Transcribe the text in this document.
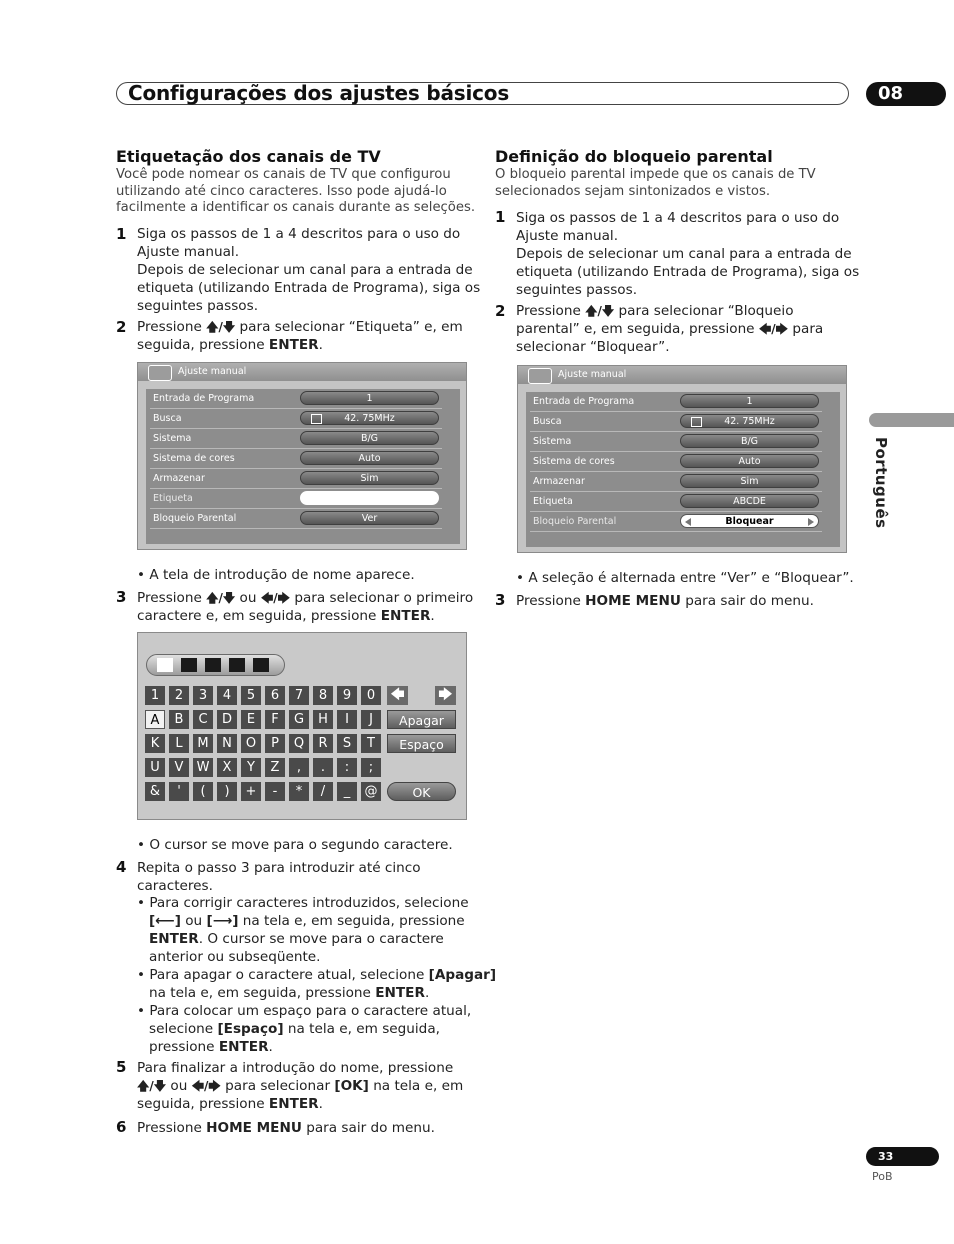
Configurações dos ajustes básicos	08
Português
Etiquetação dos canais de TV
Você pode nomear os canais de TV que configurou
utilizando até cinco caracteres. Isso pode ajudá-lo
facilmente a identificar os canais durante as seleções.
1 Siga os passos de 1 a 4 descritos para o uso do
Ajuste manual.
Depois de selecionar um canal para a entrada de
etiqueta (utilizando Entrada de Programa), siga os
seguintes passos.
2 Pressione 🡅/🡇 para selecionar “Etiqueta” e, em
seguida, pressione ENTER.
Ajuste manual
Entrada de Programa	1
Busca	42. 75MHz
Sistema	B/G
Sistema de cores	Auto
Armazenar	Sim
Etiqueta
Bloqueio Parental	Ver
• A tela de introdução de nome aparece.
3 Pressione 🡅/🡇 ou 🡄/🡆 para selecionar o primeiro
caractere e, em seguida, pressione ENTER.
1	2	3	4	5	6	7	8	9	0
A	B	C	D	E	F	G	H	I	J
K	L	M	N	O	P	Q	R	S	T
U	V	W	X	Y	Z	,	.	:	;
&	'	(	)	+	-	*	/	_	@
🡄 🡆
Apagar
Espaço
OK
• O cursor se move para o segundo caractere.
4 Repita o passo 3 para introduzir até cinco
caracteres.
• Para corrigir caracteres introduzidos, selecione
[⟵] ou [⟶] na tela e, em seguida, pressione
ENTER. O cursor se move para o caractere
anterior ou subseqüente.
• Para apagar o caractere atual, selecione [Apagar]
na tela e, em seguida, pressione ENTER.
• Para colocar um espaço para o caractere atual,
selecione [Espaço] na tela e, em seguida,
pressione ENTER.
5 Para finalizar a introdução do nome, pressione
🡅/🡇 ou 🡄/🡆 para selecionar [OK] na tela e, em
seguida, pressione ENTER.
6 Pressione HOME MENU para sair do menu.
Definição do bloqueio parental
O bloqueio parental impede que os canais de TV
selecionados sejam sintonizados e vistos.
1 Siga os passos de 1 a 4 descritos para o uso do
Ajuste manual.
Depois de selecionar um canal para a entrada de
etiqueta (utilizando Entrada de Programa), siga os
seguintes passos.
2 Pressione 🡅/🡇 para selecionar “Bloqueio
parental” e, em seguida, pressione 🡄/🡆 para
selecionar “Bloquear”.
Ajuste manual
Entrada de Programa	1
Busca	42. 75MHz
Sistema	B/G
Sistema de cores	Auto
Armazenar	Sim
Etiqueta	ABCDE
Bloqueio Parental	Bloquear
• A seleção é alternada entre “Ver” e “Bloquear”.
3 Pressione HOME MENU para sair do menu.
33
PoB
